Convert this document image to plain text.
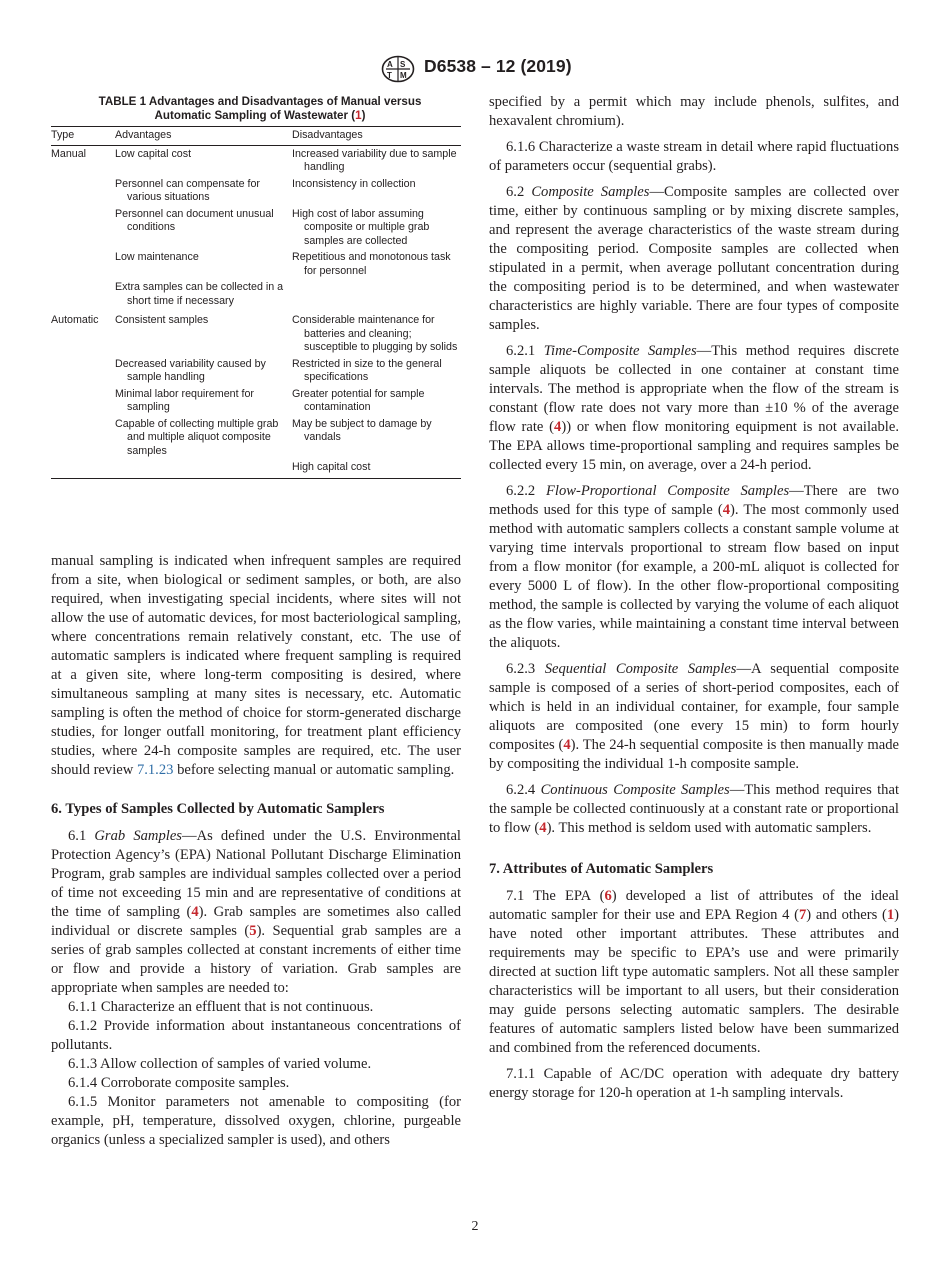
A S
T M D6538 – 12 (2019)
TABLE 1 Advantages and Disadvantages of Manual versus
Automatic Sampling of Wastewater (1)
Type	Advantages	Disadvantages
Manual	Low capital cost	Increased variability due to sample handling

	Personnel can compensate for various situations	Inconsistency in collection

	Personnel can document unusual conditions	High cost of labor assuming composite or multiple grab samples are collected

	Low maintenance	Repetitious and monotonous task for personnel

	Extra samples can be collected in a short time if necessary	

Automatic	Consistent samples	Considerable maintenance for batteries and cleaning; susceptible to plugging by solids

	Decreased variability caused by sample handling	Restricted in size to the general specifications

	Minimal labor requirement for sampling	Greater potential for sample contamination

	Capable of collecting multiple grab and multiple aliquot composite samples	May be subject to damage by vandals

		High capital cost

manual sampling is indicated when infrequent samples are required from a site, when biological or sediment samples, or both, are also required, when investigating special incidents, where sites will not allow the use of automatic devices, for most bacteriological sampling, where concentrations remain relatively constant, etc. The use of automatic samplers is indicated where frequent sampling is required at a given site, where long-term compositing is desired, where simultaneous sampling at many sites is necessary, etc. Automatic sampling is often the method of choice for storm-generated discharge studies, for longer outfall monitoring, for treatment plant efficiency studies, where 24-h composite samples are required, etc. The user should review 7.1.23 before selecting manual or automatic sampling.

6. Types of Samples Collected by Automatic Samplers

6.1 Grab Samples—As defined under the U.S. Environmental Protection Agency’s (EPA) National Pollutant Discharge Elimination Program, grab samples are individual samples collected over a period of time not exceeding 15 min and are representative of conditions at the time of sampling (4). Grab samples are sometimes also called individual or discrete samples (5). Sequential grab samples are a series of grab samples collected at constant increments of either time or flow and provide a history of variation. Grab samples are appropriate when samples are needed to:

6.1.1 Characterize an effluent that is not continuous.

6.1.2 Provide information about instantaneous concentrations of pollutants.

6.1.3 Allow collection of samples of varied volume.

6.1.4 Corroborate composite samples.

6.1.5 Monitor parameters not amenable to compositing (for example, pH, temperature, dissolved oxygen, chlorine, purgeable organics (unless a specialized sampler is used), and others

specified by a permit which may include phenols, sulfites, and hexavalent chromium).

6.1.6 Characterize a waste stream in detail where rapid fluctuations of parameters occur (sequential grabs).

6.2 Composite Samples—Composite samples are collected over time, either by continuous sampling or by mixing discrete samples, and represent the average characteristics of the waste stream during the compositing period. Composite samples are collected when stipulated in a permit, when average pollutant concentration during the compositing period is to be determined, and when wastewater characteristics are highly variable. There are four types of composite samples.

6.2.1 Time-Composite Samples—This method requires discrete sample aliquots be collected in one container at constant time intervals. The method is appropriate when the flow of the stream is constant (flow rate does not vary more than ±10 % of the average flow rate (4)) or when flow monitoring equipment is not available. The EPA allows time-proportional sampling and requires samples be collected every 15 min, on average, over a 24-h period.

6.2.2 Flow-Proportional Composite Samples—There are two methods used for this type of sample (4). The most commonly used method with automatic samplers collects a constant sample volume at varying time intervals proportional to stream flow based on input from a flow monitor (for example, a 200-mL aliquot is collected for every 5000 L of flow). In the other flow-proportional compositing method, the sample is collected by varying the volume of each aliquot as the flow varies, while maintaining a constant time interval between the aliquots.

6.2.3 Sequential Composite Samples—A sequential composite sample is composed of a series of short-period composites, each of which is held in an individual container, for example, four sample aliquots are composited (one every 15 min) to form hourly composites (4). The 24-h sequential composite is then manually made by compositing the individual 1-h composite sample.

6.2.4 Continuous Composite Samples—This method requires that the sample be collected continuously at a constant rate or proportional to flow (4). This method is seldom used with automatic samplers.

7. Attributes of Automatic Samplers

7.1 The EPA (6) developed a list of attributes of the ideal automatic sampler for their use and EPA Region 4 (7) and others (1) have noted other important attributes. These attributes and requirements may be specific to EPA’s use and were primarily directed at suction lift type automatic samplers. Not all these sampler characteristics will be important to all users, but their consideration may guide persons selecting automatic samplers. The desirable features of automatic samplers listed below have been summarized and combined from the referenced documents.

7.1.1 Capable of AC/DC operation with adequate dry battery energy storage for 120-h operation at 1-h sampling intervals.

2
